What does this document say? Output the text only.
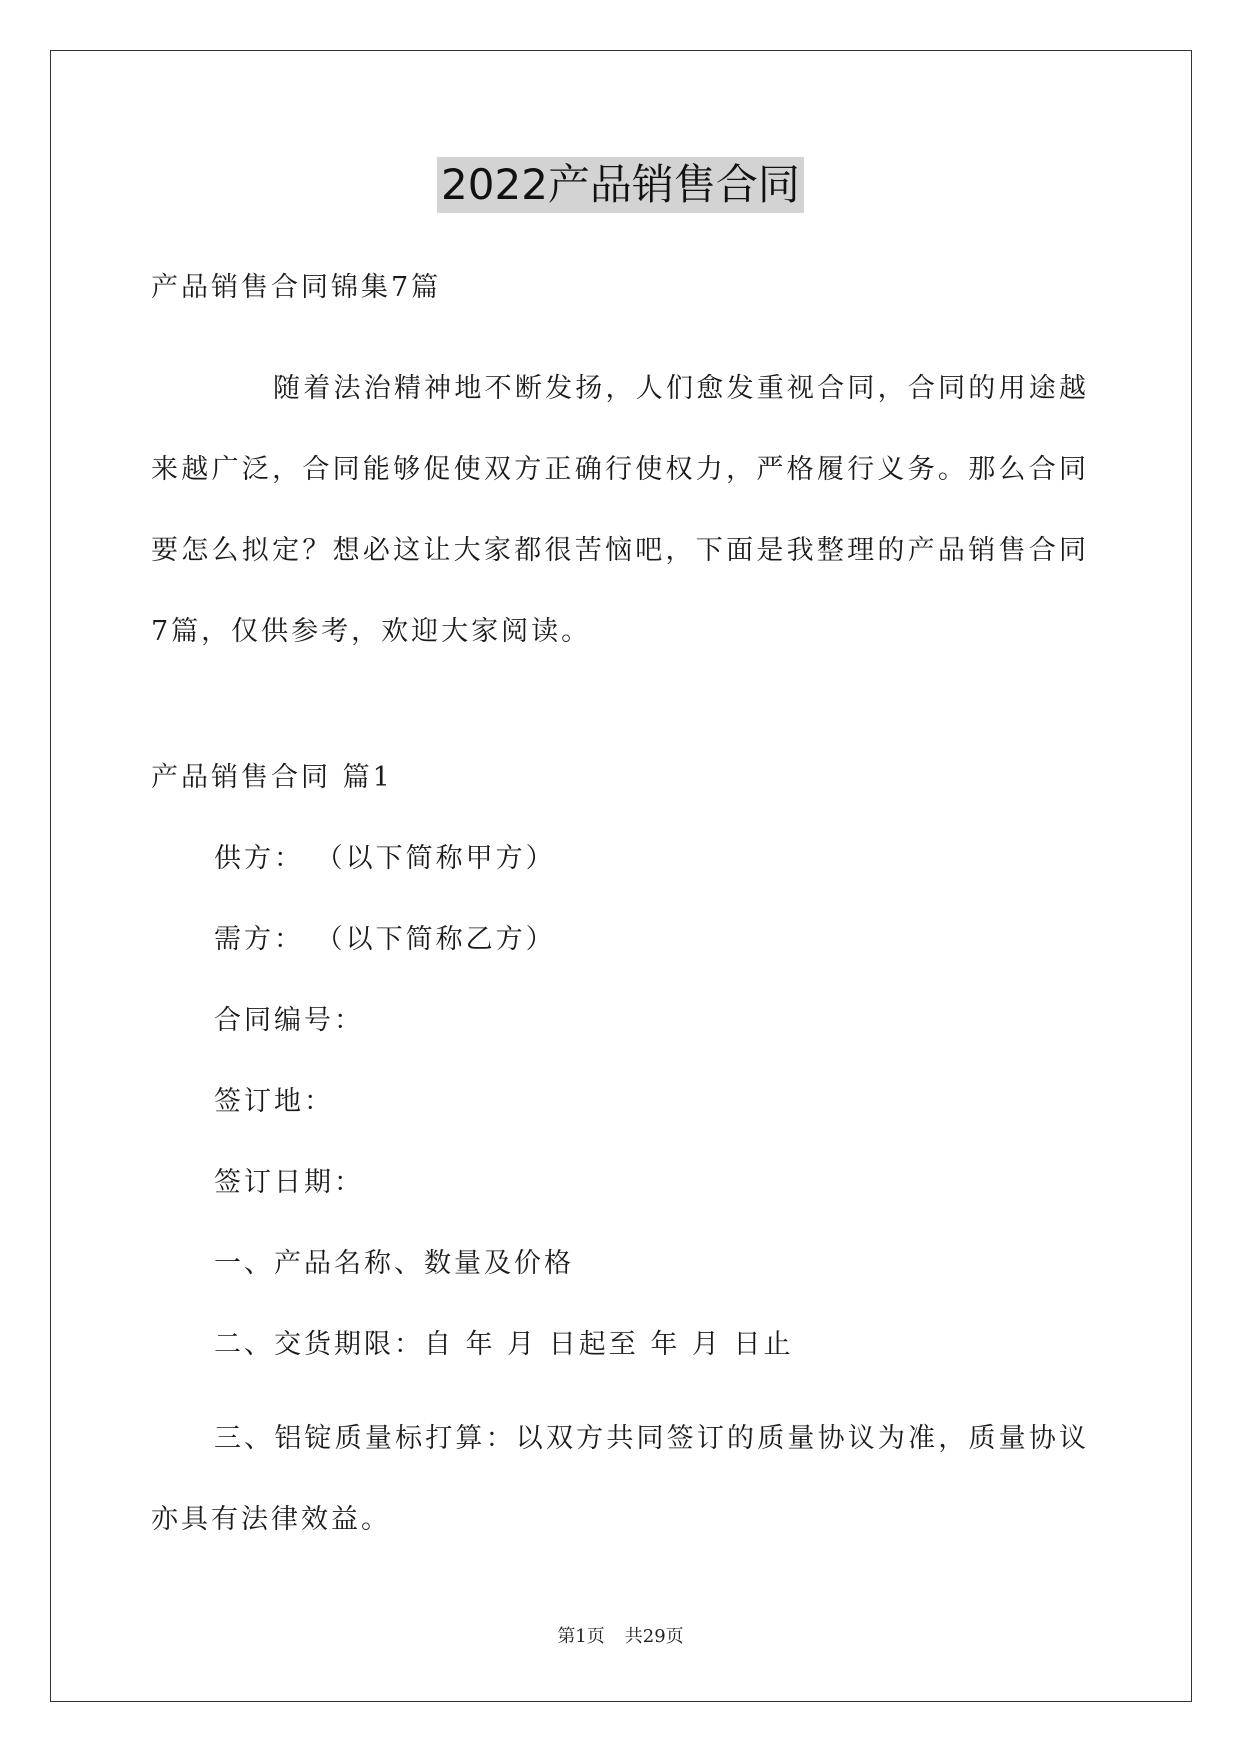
2022产品销售合同
产品销售合同锦集7篇
随着法治精神地不断发扬，人们愈发重视合同，合同的用途越来越广泛，合同能够促使双方正确行使权力，严格履行义务。那么合同要怎么拟定？想必这让大家都很苦恼吧，下面是我整理的产品销售合同7篇，仅供参考，欢迎大家阅读。
产品销售合同 篇1
供方： （以下简称甲方）
需方： （以下简称乙方）
合同编号：
签订地：
签订日期：
一、产品名称、数量及价格
二、交货期限：自 年 月 日起至 年 月 日止
三、铝锭质量标打算：以双方共同签订的质量协议为准，质量协议亦具有法律效益。
第1页 共29页
